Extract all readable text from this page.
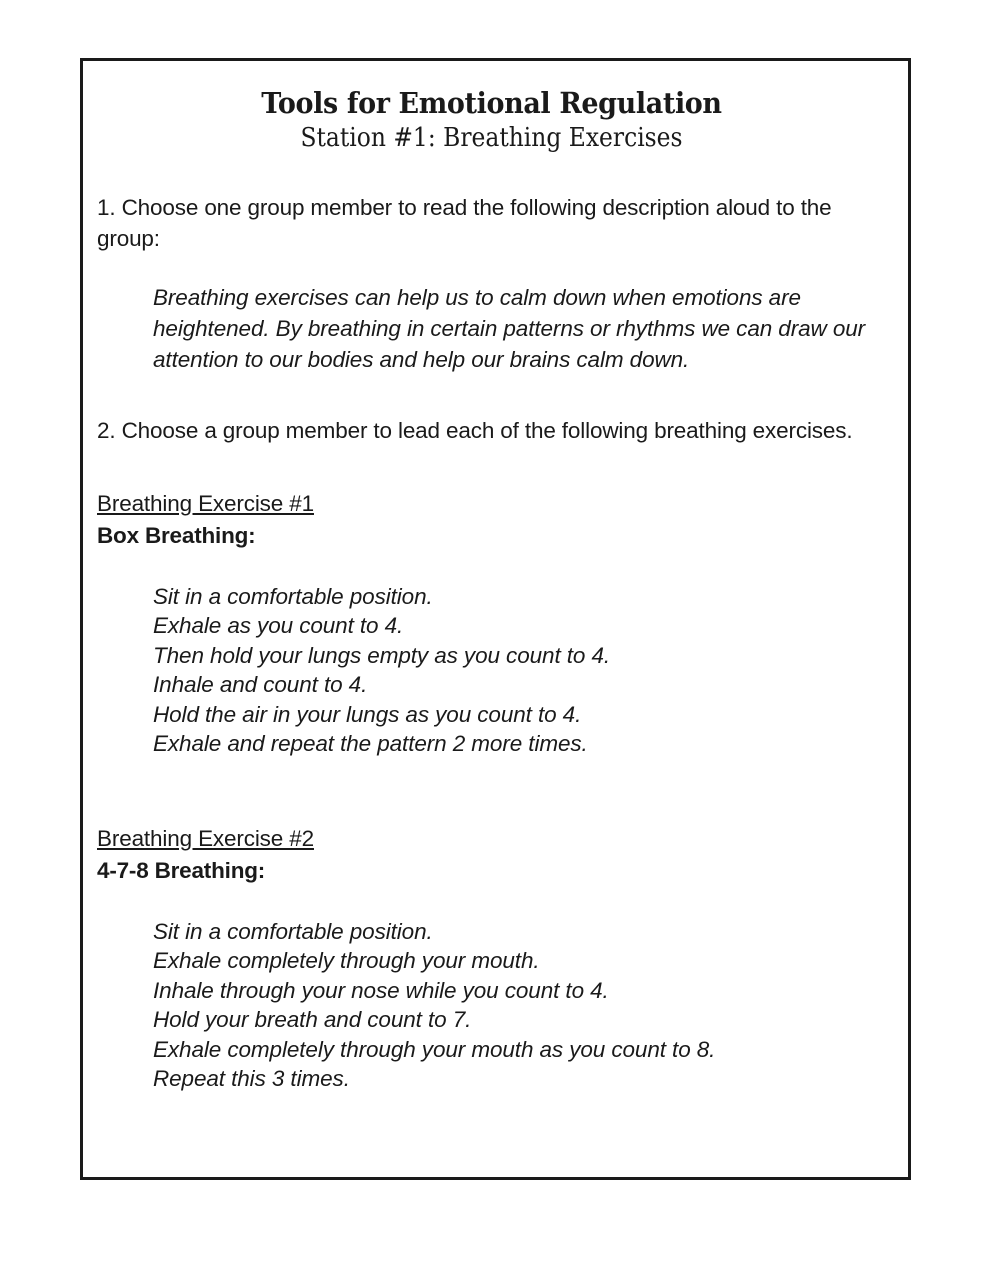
Tools for Emotional Regulation
Station #1: Breathing Exercises

1. Choose one group member to read the following description aloud to the group:

Breathing exercises can help us to calm down when emotions are heightened. By breathing in certain patterns or rhythms we can draw our attention to our bodies and help our brains calm down.

2. Choose a group member to lead each of the following breathing exercises.

Breathing Exercise #1
Box Breathing:
Sit in a comfortable position.
Exhale as you count to 4.
Then hold your lungs empty as you count to 4.
Inhale and count to 4.
Hold the air in your lungs as you count to 4.
Exhale and repeat the pattern 2 more times.
Breathing Exercise #2
4-7-8 Breathing:
Sit in a comfortable position.
Exhale completely through your mouth.
Inhale through your nose while you count to 4.
Hold your breath and count to 7.
Exhale completely through your mouth as you count to 8.
Repeat this 3 times.
